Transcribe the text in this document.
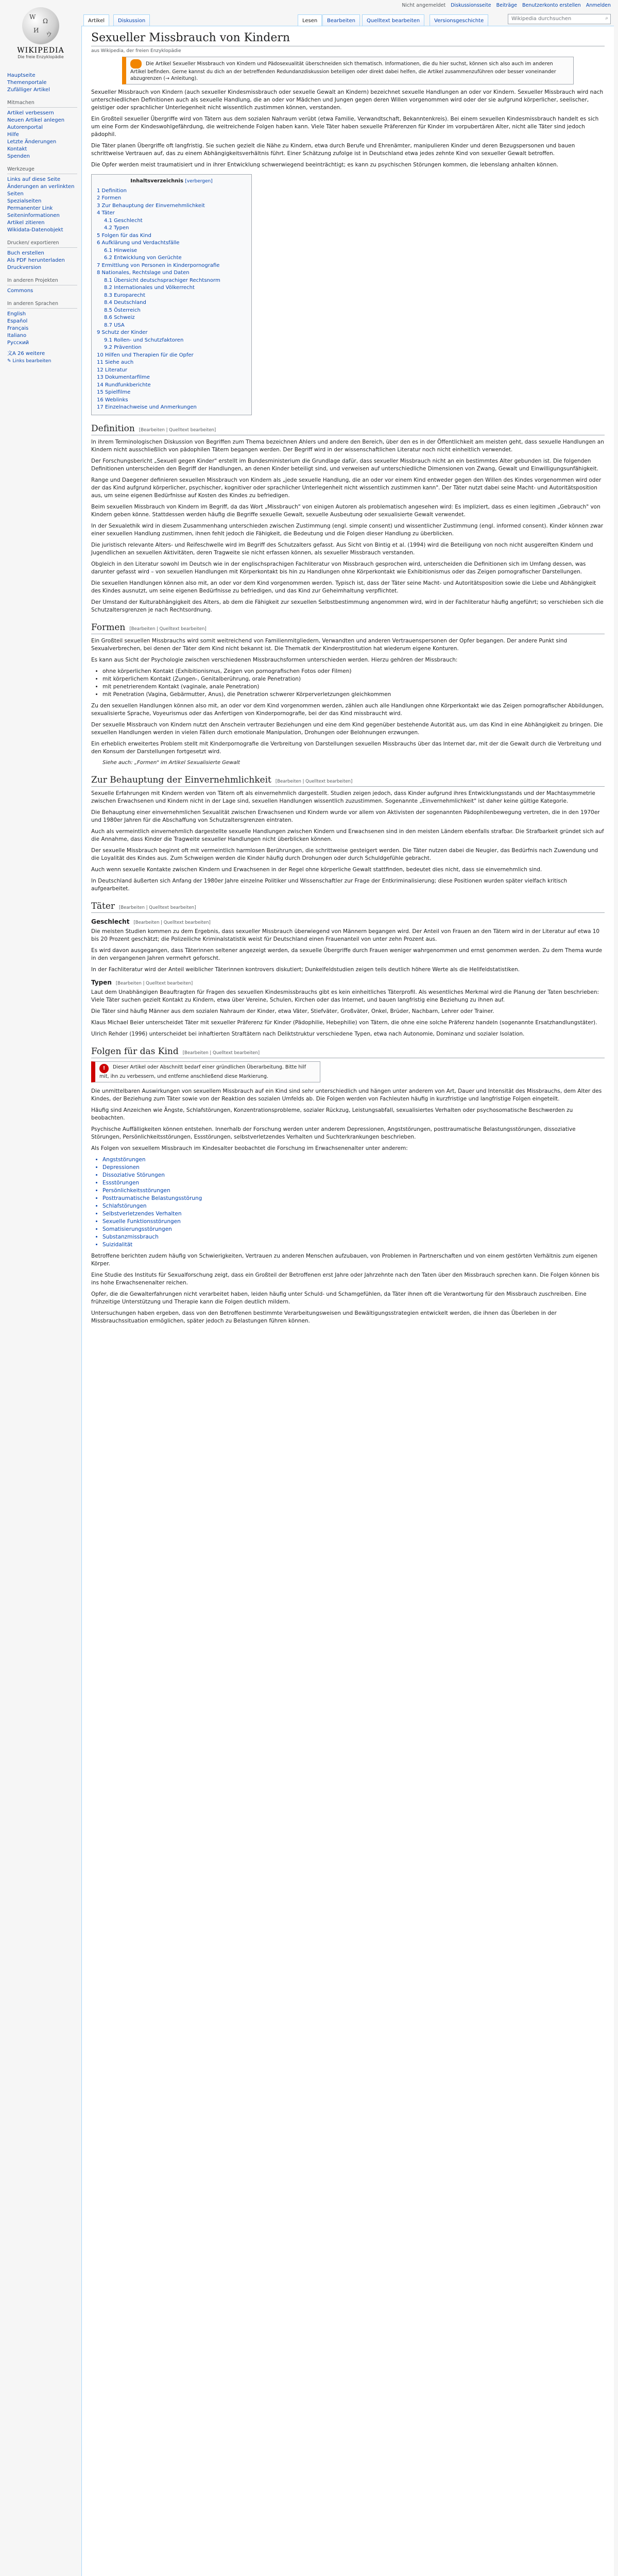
W
Ω
И
ウ
WIKIPEDIA
Die freie Enzyklopädie
Hauptseite
Themenportale
Zufälliger Artikel
Mitmachen
Artikel verbessern
Neuen Artikel anlegen
Autorenportal
Hilfe
Letzte Änderungen
Kontakt
Spenden
Werkzeuge
Links auf diese Seite
Änderungen an verlinkten Seiten
Spezialseiten
Permanenter Link
Seiteninformationen
Artikel zitieren
Wikidata-Datenobjekt
Drucken/ exportieren
Buch erstellen
Als PDF herunterladen
Druckversion
In anderen Projekten
Commons
In anderen Sprachen
English
Español
Français
Italiano
Русский
文A 26 weitere
✎ Links bearbeiten
Nicht angemeldet Diskussionsseite Beiträge Benutzerkonto erstellen Anmelden
Artikel	Diskussion	Lesen	Bearbeiten	Quelltext bearbeiten	Versionsgeschichte	Wikipedia durchsuchen	⌕
Sexueller Missbrauch von Kindern
aus Wikipedia, der freien Enzyklopädie
Die Artikel Sexueller Missbrauch von Kindern und Pädosexualität überschneiden sich thematisch. Informationen, die du hier suchst, können sich also auch im anderen Artikel befinden. Gerne kannst du dich an der betreffenden Redundanzdiskussion beteiligen oder direkt dabei helfen, die Artikel zusammenzuführen oder besser voneinander abzugrenzen (→ Anleitung).

Sexueller Missbrauch von Kindern (auch sexueller Kindesmissbrauch oder sexuelle Gewalt an Kindern) bezeichnet sexuelle Handlungen an oder vor Kindern. Sexueller Missbrauch wird nach unterschiedlichen Definitionen auch als sexuelle Handlung, die an oder vor Mädchen und Jungen gegen deren Willen vorgenommen wird oder der sie aufgrund körperlicher, seelischer, geistiger oder sprachlicher Unterlegenheit nicht wissentlich zustimmen können, verstanden.

Ein Großteil sexueller Übergriffe wird von Tätern aus dem sozialen Nahraum verübt (etwa Familie, Verwandtschaft, Bekanntenkreis). Bei einem sexuellen Kindesmissbrauch handelt es sich um eine Form der Kindeswohlgefährdung, die weitreichende Folgen haben kann. Viele Täter haben sexuelle Präferenzen für Kinder im vorpubertären Alter, nicht alle Täter sind jedoch pädophil.

Die Täter planen Übergriffe oft langfristig. Sie suchen gezielt die Nähe zu Kindern, etwa durch Berufe und Ehrenämter, manipulieren Kinder und deren Bezugspersonen und bauen schrittweise Vertrauen auf, das zu einem Abhängigkeitsverhältnis führt. Einer Schätzung zufolge ist in Deutschland etwa jedes zehnte Kind von sexueller Gewalt betroffen.

Die Opfer werden meist traumatisiert und in ihrer Entwicklung schwerwiegend beeinträchtigt; es kann zu psychischen Störungen kommen, die lebenslang anhalten können.

Inhaltsverzeichnis [verbergen]
1 Definition
2 Formen
3 Zur Behauptung der Einvernehmlichkeit
4 Täter
4.1 Geschlecht
4.2 Typen
5 Folgen für das Kind
6 Aufklärung und Verdachtsfälle
6.1 Hinweise
6.2 Entwicklung von Gerüchte
7 Ermittlung von Personen in Kinderpornografie
8 Nationales, Rechtslage und Daten
8.1 Übersicht deutschsprachiger Rechtsnorm
8.2 Internationales und Völkerrecht
8.3 Europarecht
8.4 Deutschland
8.5 Österreich
8.6 Schweiz
8.7 USA
9 Schutz der Kinder
9.1 Rollen- und Schutzfaktoren
9.2 Prävention
10 Hilfen und Therapien für die Opfer
11 Siehe auch
12 Literatur
13 Dokumentarfilme
14 Rundfunkberichte
15 Spielfilme
16 Weblinks
17 Einzelnachweise und Anmerkungen
Definition [Bearbeiten | Quelltext bearbeiten]

In ihrem Terminologischen Diskussion von Begriffen zum Thema bezeichnen Ahlers und andere den Bereich, über den es in der Öffentlichkeit am meisten geht, dass sexuelle Handlungen an Kindern nicht ausschließlich von pädophilen Tätern begangen werden. Der Begriff wird in der wissenschaftlichen Literatur noch nicht einheitlich verwendet.

Der Forschungsbericht „Sexuell gegen Kinder" erstellt im Bundesministerium die Grundlage dafür, dass sexueller Missbrauch nicht an ein bestimmtes Alter gebunden ist. Die folgenden Definitionen unterscheiden den Begriff der Handlungen, an denen Kinder beteiligt sind, und verweisen auf unterschiedliche Dimensionen von Zwang, Gewalt und Einwilligungsunfähigkeit.

Range und Daegener definieren sexuellen Missbrauch von Kindern als „jede sexuelle Handlung, die an oder vor einem Kind entweder gegen den Willen des Kindes vorgenommen wird oder der das Kind aufgrund körperlicher, psychischer, kognitiver oder sprachlicher Unterlegenheit nicht wissentlich zustimmen kann". Der Täter nutzt dabei seine Macht- und Autoritätsposition aus, um seine eigenen Bedürfnisse auf Kosten des Kindes zu befriedigen.

Beim sexuellen Missbrauch von Kindern im Begriff, da das Wort „Missbrauch" von einigen Autoren als problematisch angesehen wird: Es impliziert, dass es einen legitimen „Gebrauch" von Kindern geben könne. Stattdessen werden häufig die Begriffe sexuelle Gewalt, sexuelle Ausbeutung oder sexualisierte Gewalt verwendet.

In der Sexualethik wird in diesem Zusammenhang unterschieden zwischen Zustimmung (engl. simple consent) und wissentlicher Zustimmung (engl. informed consent). Kinder können zwar einer sexuellen Handlung zustimmen, ihnen fehlt jedoch die Fähigkeit, die Bedeutung und die Folgen dieser Handlung zu überblicken.

Die juristisch relevante Alters- und Reifeschwelle wird im Begriff des Schutzalters gefasst. Aus Sicht von Bintig et al. (1994) wird die Beteiligung von noch nicht ausgereiften Kindern und Jugendlichen an sexuellen Aktivitäten, deren Tragweite sie nicht erfassen können, als sexueller Missbrauch verstanden.

Obgleich in den Literatur sowohl im Deutsch wie in der englischsprachigen Fachliteratur von Missbrauch gesprochen wird, unterscheiden die Definitionen sich im Umfang dessen, was darunter gefasst wird – von sexuellen Handlungen mit Körperkontakt bis hin zu Handlungen ohne Körperkontakt wie Exhibitionismus oder das Zeigen pornografischer Darstellungen.

Die sexuellen Handlungen können also mit, an oder vor dem Kind vorgenommen werden. Typisch ist, dass der Täter seine Macht- und Autoritätsposition sowie die Liebe und Abhängigkeit des Kindes ausnutzt, um seine eigenen Bedürfnisse zu befriedigen, und das Kind zur Geheimhaltung verpflichtet.

Der Umstand der Kulturabhängigkeit des Alters, ab dem die Fähigkeit zur sexuellen Selbstbestimmung angenommen wird, wird in der Fachliteratur häufig angeführt; so verschieben sich die Schutzaltersgrenzen je nach Rechtsordnung.

Formen [Bearbeiten | Quelltext bearbeiten]

Ein Großteil sexuellen Missbrauchs wird somit weitreichend von Familienmitgliedern, Verwandten und anderen Vertrauenspersonen der Opfer begangen. Der andere Punkt sind Sexualverbrechen, bei denen der Täter dem Kind nicht bekannt ist. Die Thematik der Kinderprostitution hat wiederum eigene Konturen.

Es kann aus Sicht der Psychologie zwischen verschiedenen Missbrauchsformen unterschieden werden. Hierzu gehören der Missbrauch:

• ohne körperlichen Kontakt (Exhibitionismus, Zeigen von pornografischen Fotos oder Filmen)
• mit körperlichem Kontakt (Zungen-, Genitalberührung, orale Penetration)
• mit penetrierendem Kontakt (vaginale, anale Penetration)
• mit Penetration (Vagina, Gebärmutter, Anus), die Penetration schwerer Körperverletzungen gleichkommen

Zu den sexuellen Handlungen können also mit, an oder vor dem Kind vorgenommen werden, zählen auch alle Handlungen ohne Körperkontakt wie das Zeigen pornografischer Abbildungen, sexualisierte Sprache, Voyeurismus oder das Anfertigen von Kinderpornografie, bei der das Kind missbraucht wird.

Der sexuelle Missbrauch von Kindern nutzt den Anschein vertrauter Beziehungen und eine dem Kind gegenüber bestehende Autorität aus, um das Kind in eine Abhängigkeit zu bringen. Die sexuellen Handlungen werden in vielen Fällen durch emotionale Manipulation, Drohungen oder Belohnungen erzwungen.

Ein erheblich erweitertes Problem stellt mit Kinderpornografie die Verbreitung von Darstellungen sexuellen Missbrauchs über das Internet dar, mit der die Gewalt durch die Verbreitung und den Konsum der Darstellungen fortgesetzt wird.

Siehe auch: „Formen" im Artikel Sexualisierte Gewalt
Zur Behauptung der Einvernehmlichkeit [Bearbeiten | Quelltext bearbeiten]

Sexuelle Erfahrungen mit Kindern werden von Tätern oft als einvernehmlich dargestellt. Studien zeigen jedoch, dass Kinder aufgrund ihres Entwicklungsstands und der Machtasymmetrie zwischen Erwachsenen und Kindern nicht in der Lage sind, sexuellen Handlungen wissentlich zuzustimmen. Sogenannte „Einvernehmlichkeit" ist daher keine gültige Kategorie.

Die Behauptung einer einvernehmlichen Sexualität zwischen Erwachsenen und Kindern wurde vor allem von Aktivisten der sogenannten Pädophilenbewegung vertreten, die in den 1970er und 1980er Jahren für die Abschaffung von Schutzaltersgrenzen eintraten.

Auch als vermeintlich einvernehmlich dargestellte sexuelle Handlungen zwischen Kindern und Erwachsenen sind in den meisten Ländern ebenfalls strafbar. Die Strafbarkeit gründet sich auf die Annahme, dass Kinder die Tragweite sexueller Handlungen nicht überblicken können.

Der sexuelle Missbrauch beginnt oft mit vermeintlich harmlosen Berührungen, die schrittweise gesteigert werden. Die Täter nutzen dabei die Neugier, das Bedürfnis nach Zuwendung und die Loyalität des Kindes aus. Zum Schweigen werden die Kinder häufig durch Drohungen oder durch Schuldgefühle gebracht.

Auch wenn sexuelle Kontakte zwischen Kindern und Erwachsenen in der Regel ohne körperliche Gewalt stattfinden, bedeutet dies nicht, dass sie einvernehmlich sind.

In Deutschland äußerten sich Anfang der 1980er Jahre einzelne Politiker und Wissenschaftler zur Frage der Entkriminalisierung; diese Positionen wurden später vielfach kritisch aufgearbeitet.

Täter [Bearbeiten | Quelltext bearbeiten]
Geschlecht [Bearbeiten | Quelltext bearbeiten]

Die meisten Studien kommen zu dem Ergebnis, dass sexueller Missbrauch überwiegend von Männern begangen wird. Der Anteil von Frauen an den Tätern wird in der Literatur auf etwa 10 bis 20 Prozent geschätzt; die Polizeiliche Kriminalstatistik weist für Deutschland einen Frauenanteil von unter zehn Prozent aus.

Es wird davon ausgegangen, dass Täterinnen seltener angezeigt werden, da sexuelle Übergriffe durch Frauen weniger wahrgenommen und ernst genommen werden. Zu dem Thema wurde in den vergangenen Jahren vermehrt geforscht.

In der Fachliteratur wird der Anteil weiblicher Täterinnen kontrovers diskutiert; Dunkelfeldstudien zeigen teils deutlich höhere Werte als die Hellfeldstatistiken.

Typen [Bearbeiten | Quelltext bearbeiten]

Laut dem Unabhängigen Beauftragten für Fragen des sexuellen Kindesmissbrauchs gibt es kein einheitliches Täterprofil. Als wesentliches Merkmal wird die Planung der Taten beschrieben: Viele Täter suchen gezielt Kontakt zu Kindern, etwa über Vereine, Schulen, Kirchen oder das Internet, und bauen langfristig eine Beziehung zu ihnen auf.

Die Täter sind häufig Männer aus dem sozialen Nahraum der Kinder, etwa Väter, Stiefväter, Großväter, Onkel, Brüder, Nachbarn, Lehrer oder Trainer.

Klaus Michael Beier unterscheidet Täter mit sexueller Präferenz für Kinder (Pädophilie, Hebephilie) von Tätern, die ohne eine solche Präferenz handeln (sogenannte Ersatzhandlungstäter).

Ulrich Rehder (1996) unterscheidet bei inhaftierten Straftätern nach Deliktstruktur verschiedene Typen, etwa nach Autonomie, Dominanz und sozialer Isolation.

Folgen für das Kind [Bearbeiten | Quelltext bearbeiten]
! Dieser Artikel oder Abschnitt bedarf einer gründlichen Überarbeitung. Bitte hilf mit, ihn zu verbessern, und entferne anschließend diese Markierung.

Die unmittelbaren Auswirkungen von sexuellem Missbrauch auf ein Kind sind sehr unterschiedlich und hängen unter anderem von Art, Dauer und Intensität des Missbrauchs, dem Alter des Kindes, der Beziehung zum Täter sowie von der Reaktion des sozialen Umfelds ab. Die Folgen werden von Fachleuten häufig in kurzfristige und langfristige Folgen eingeteilt.

Häufig sind Anzeichen wie Ängste, Schlafstörungen, Konzentrationsprobleme, sozialer Rückzug, Leistungsabfall, sexualisiertes Verhalten oder psychosomatische Beschwerden zu beobachten.

Psychische Auffälligkeiten können entstehen. Innerhalb der Forschung werden unter anderem Depressionen, Angststörungen, posttraumatische Belastungsstörungen, dissoziative Störungen, Persönlichkeitsstörungen, Essstörungen, selbstverletzendes Verhalten und Suchterkrankungen beschrieben.

Als Folgen von sexuellem Missbrauch im Kindesalter beobachtet die Forschung im Erwachsenenalter unter anderem:

• Angststörungen
• Depressionen
• Dissoziative Störungen
• Essstörungen
• Persönlichkeitsstörungen
• Posttraumatische Belastungsstörung
• Schlafstörungen
• Selbstverletzendes Verhalten
• Sexuelle Funktionsstörungen
• Somatisierungsstörungen
• Substanzmissbrauch
• Suizidalität

Betroffene berichten zudem häufig von Schwierigkeiten, Vertrauen zu anderen Menschen aufzubauen, von Problemen in Partnerschaften und von einem gestörten Verhältnis zum eigenen Körper.

Eine Studie des Instituts für Sexualforschung zeigt, dass ein Großteil der Betroffenen erst Jahre oder Jahrzehnte nach den Taten über den Missbrauch sprechen kann. Die Folgen können bis ins hohe Erwachsenenalter reichen.

Opfer, die die Gewalterfahrungen nicht verarbeitet haben, leiden häufig unter Schuld- und Schamgefühlen, da Täter ihnen oft die Verantwortung für den Missbrauch zuschreiben. Eine frühzeitige Unterstützung und Therapie kann die Folgen deutlich mildern.

Untersuchungen haben ergeben, dass von den Betroffenen bestimmte Verarbeitungsweisen und Bewältigungsstrategien entwickelt werden, die ihnen das Überleben in der Missbrauchssituation ermöglichen, später jedoch zu Belastungen führen können.
